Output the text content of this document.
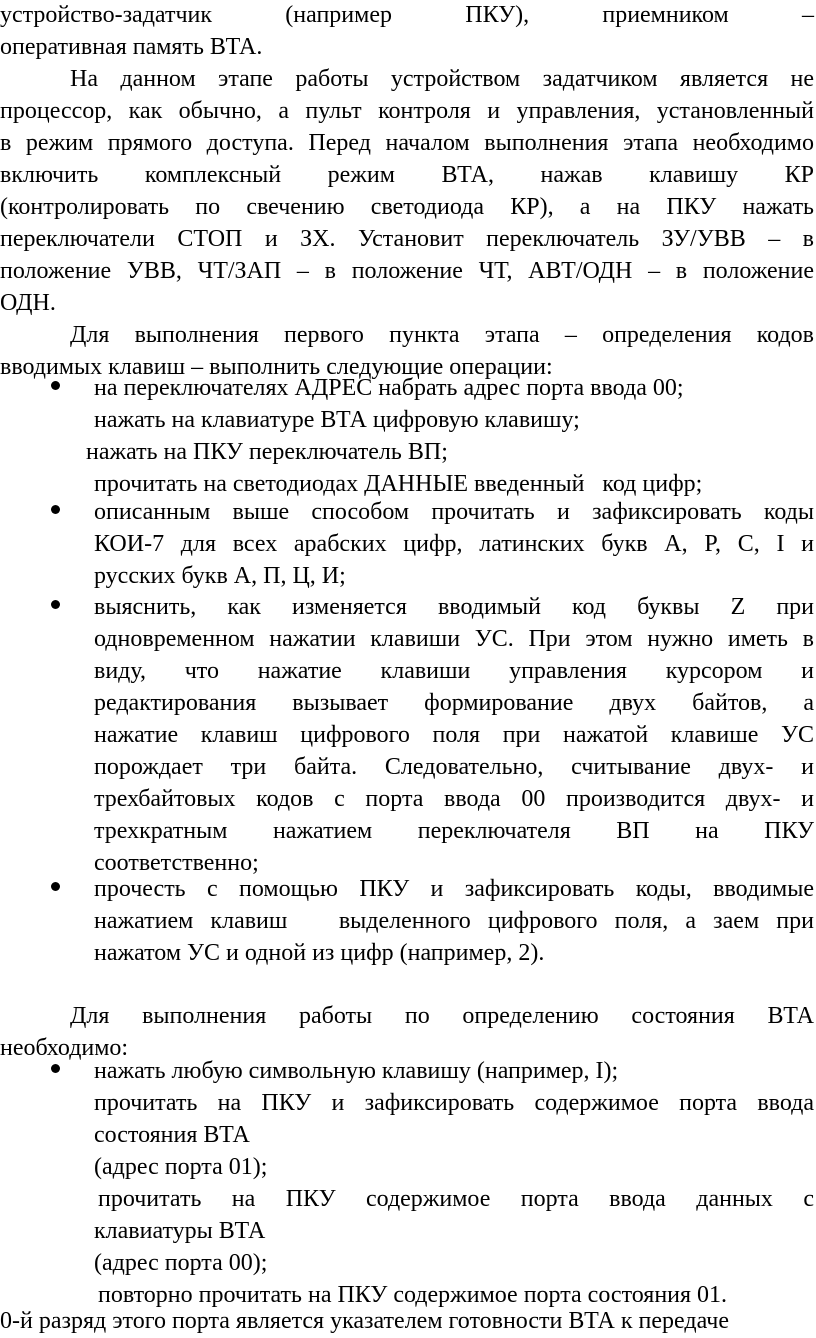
устройство-задатчик (например ПКУ), приемником –
оперативная память ВТА.
На данном этапе работы устройством задатчиком является не
процессор, как обычно, а пульт контроля и управления, установленный
в режим прямого доступа. Перед началом выполнения этапа необходимо
включить комплексный режим ВТА, нажав клавишу КР
(контролировать по свечению светодиода КР), а на ПКУ нажать
переключатели СТОП и ЗХ. Установит переключатель ЗУ/УВВ – в
положение УВВ, ЧТ/ЗАП – в положение ЧТ, АВТ/ОДН – в положение
ОДН.
Для выполнения первого пункта этапа – определения кодов
вводимых клавиш – выполнить следующие операции:
на переключателях АДРЕС набрать адрес порта ввода 00;
нажать на клавиатуре ВТА цифровую клавишу;
нажать на ПКУ переключатель ВП;
прочитать на светодиодах ДАННЫЕ введенный   код цифр;
описанным выше способом прочитать и зафиксировать коды
КОИ-7 для всех арабских цифр, латинских букв A, P, C, I и
русских букв А, П, Ц, И;
выяснить, как изменяется вводимый код буквы Z при
одновременном нажатии клавиши УС. При этом нужно иметь в
виду, что нажатие клавиши управления курсором и
редактирования вызывает формирование двух байтов, а
нажатие клавиш цифрового поля при нажатой клавише УС
порождает три байта. Следовательно, считывание двух- и
трехбайтовых кодов с порта ввода 00 производится двух- и
трехкратным нажатием переключателя ВП на ПКУ
соответственно;
прочесть с помощью ПКУ и зафиксировать коды, вводимые
нажатием клавиш   выделенного цифрового поля, а заем при
нажатом УС и одной из цифр (например, 2).
Для выполнения работы по определению состояния ВТА
необходимо:
нажать любую символьную клавишу (например, I);
прочитать на ПКУ и зафиксировать содержимое порта ввода
состояния ВТА
(адрес порта 01);
прочитать на ПКУ содержимое порта ввода данных с
клавиатуры ВТА
(адрес порта 00);
повторно прочитать на ПКУ содержимое порта состояния 01.
0-й разряд этого порта является указателем готовности ВТА к передаче
